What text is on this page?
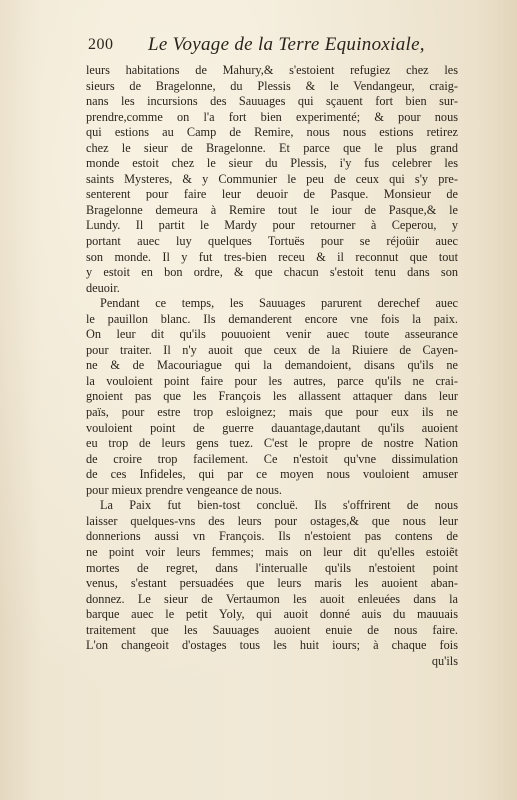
200 Le Voyage de la Terre Equinoxiale,
leurs habitations de Mahury,& s'estoient refugiez chez les
sieurs de Bragelonne, du Plessis & le Vendangeur, craig-
nans les incursions des Sauuages qui sçauent fort bien sur-
prendre,comme on l'a fort bien experimenté; & pour nous
qui estions au Camp de Remire, nous nous estions retirez
chez le sieur de Bragelonne. Et parce que le plus grand
monde estoit chez le sieur du Plessis, i'y fus celebrer les
saints Mysteres, & y Communier le peu de ceux qui s'y pre-
senterent pour faire leur deuoir de Pasque. Monsieur de
Bragelonne demeura à Remire tout le iour de Pasque,& le
Lundy. Il partit le Mardy pour retourner à Ceperou, y
portant auec luy quelques Tortuës pour se réjoüir auec
son monde. Il y fut tres-bien receu & il reconnut que tout
y estoit en bon ordre, & que chacun s'estoit tenu dans son
deuoir.
Pendant ce temps, les Sauuages parurent derechef auec
le pauillon blanc. Ils demanderent encore vne fois la paix.
On leur dit qu'ils pouuoient venir auec toute asseurance
pour traiter. Il n'y auoit que ceux de la Riuiere de Cayen-
ne & de Macouriague qui la demandoient, disans qu'ils ne
la vouloient point faire pour les autres, parce qu'ils ne crai-
gnoient pas que les François les allassent attaquer dans leur
païs, pour estre trop esloignez; mais que pour eux ils ne
vouloient point de guerre dauantage,dautant qu'ils auoient
eu trop de leurs gens tuez. C'est le propre de nostre Nation
de croire trop facilement. Ce n'estoit qu'vne dissimulation
de ces Infideles, qui par ce moyen nous vouloient amuser
pour mieux prendre vengeance de nous.
La Paix fut bien-tost concluë. Ils s'offrirent de nous
laisser quelques-vns des leurs pour ostages,& que nous leur
donnerions aussi vn François. Ils n'estoient pas contens de
ne point voir leurs femmes; mais on leur dit qu'elles estoiẽt
mortes de regret, dans l'interualle qu'ils n'estoient point
venus, s'estant persuadées que leurs maris les auoient aban-
donnez. Le sieur de Vertaumon les auoit enleuées dans la
barque auec le petit Yoly, qui auoit donné auis du mauuais
traitement que les Sauuages auoient enuie de nous faire.
L'on changeoit d'ostages tous les huit iours; à chaque fois
qu'ils
